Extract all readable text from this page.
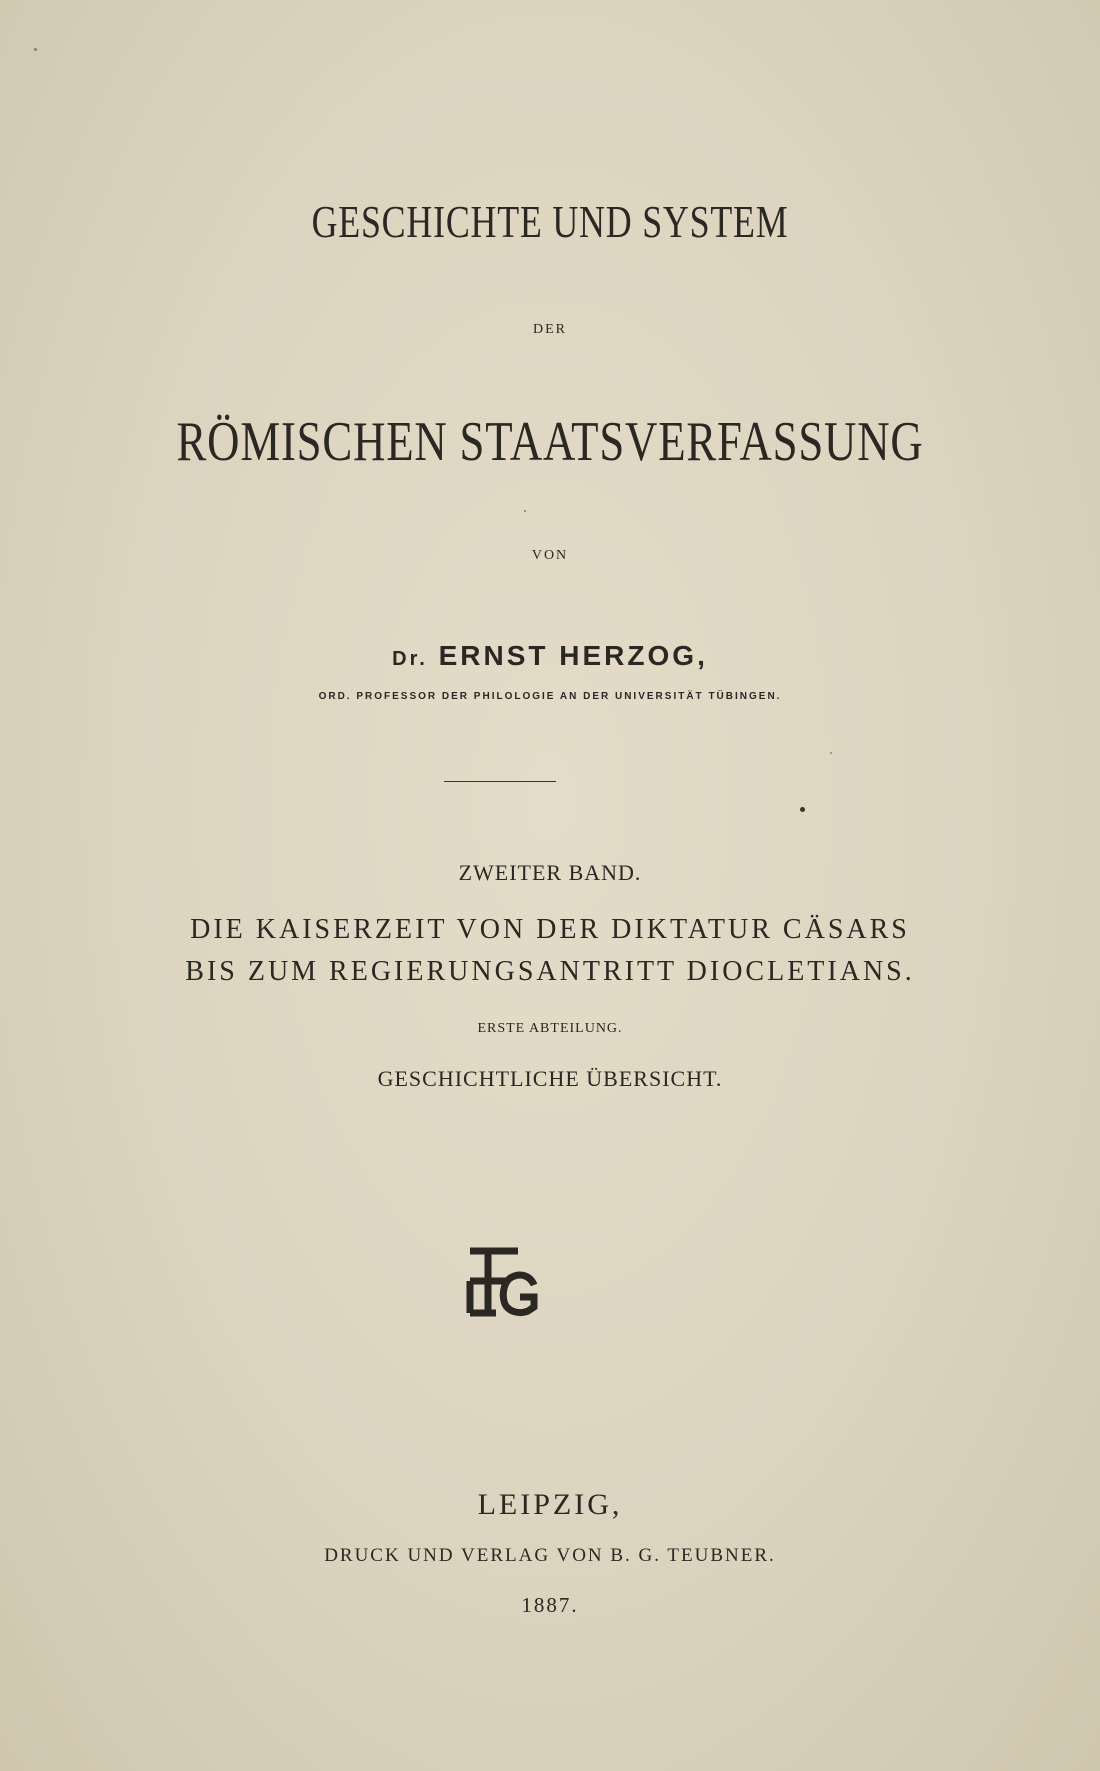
GESCHICHTE UND SYSTEM
DER
RÖMISCHEN STAATSVERFASSUNG
VON
Dr. ERNST HERZOG,
ORD. PROFESSOR DER PHILOLOGIE AN DER UNIVERSITÄT TÜBINGEN.
ZWEITER BAND.
DIE KAISERZEIT VON DER DIKTATUR CÄSARS
BIS ZUM REGIERUNGSANTRITT DIOCLETIANS.
ERSTE ABTEILUNG.
GESCHICHTLICHE ÜBERSICHT.
LEIPZIG,
DRUCK UND VERLAG VON B. G. TEUBNER.
1887.
